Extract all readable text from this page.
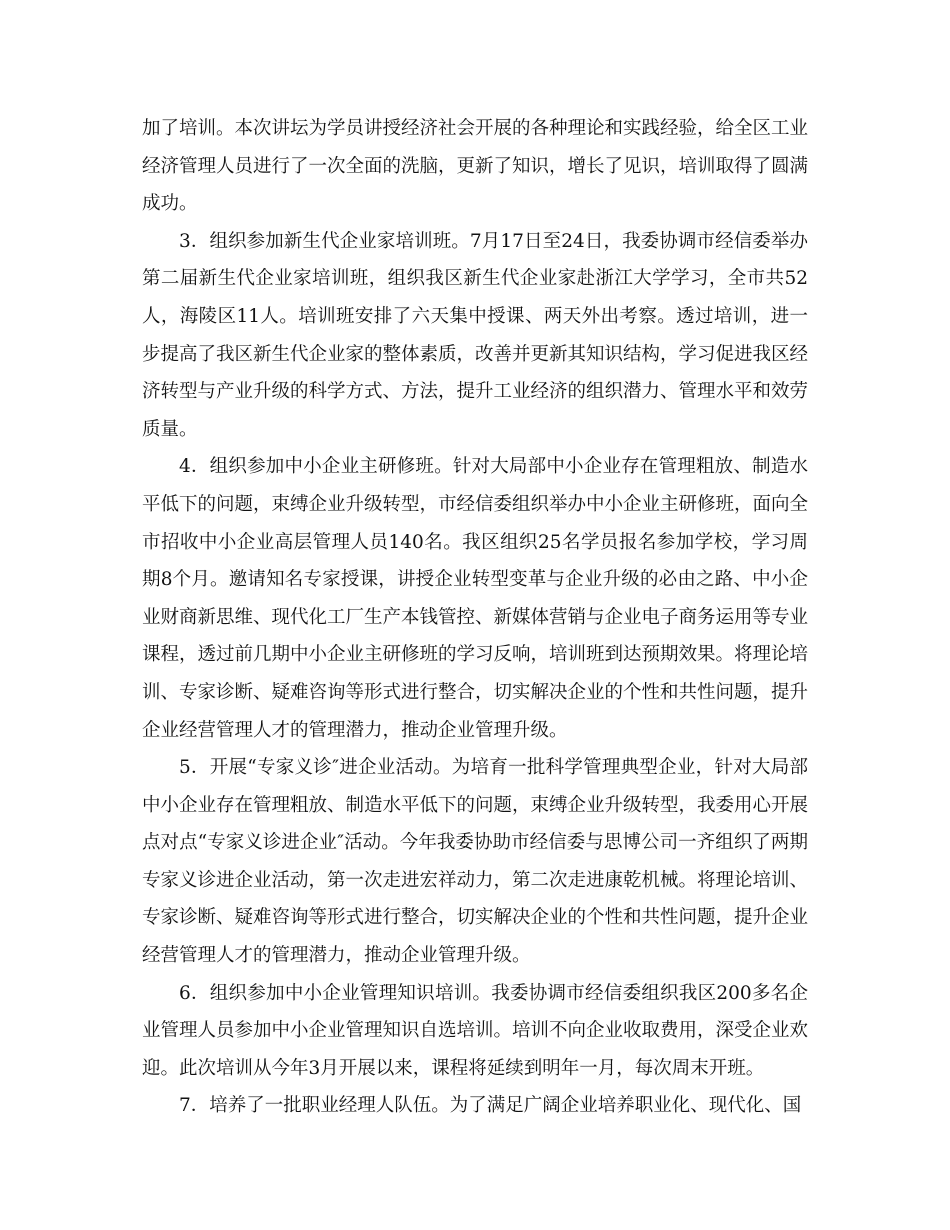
加了培训。本次讲坛为学员讲授经济社会开展的各种理论和实践经验，给全区工业经济管理人员进行了一次全面的洗脑，更新了知识，增长了见识，培训取得了圆满成功。

3．组织参加新生代企业家培训班。7月17日至24日，我委协调市经信委举办第二届新生代企业家培训班，组织我区新生代企业家赴浙江大学学习，全市共52人，海陵区11人。培训班安排了六天集中授课、两天外出考察。透过培训，进一步提高了我区新生代企业家的整体素质，改善并更新其知识结构，学习促进我区经济转型与产业升级的科学方式、方法，提升工业经济的组织潜力、管理水平和效劳质量。

4．组织参加中小企业主研修班。针对大局部中小企业存在管理粗放、制造水平低下的问题，束缚企业升级转型，市经信委组织举办中小企业主研修班，面向全市招收中小企业高层管理人员140名。我区组织25名学员报名参加学校，学习周期8个月。邀请知名专家授课，讲授企业转型变革与企业升级的必由之路、中小企业财商新思维、现代化工厂生产本钱管控、新媒体营销与企业电子商务运用等专业课程，透过前几期中小企业主研修班的学习反响，培训班到达预期效果。将理论培训、专家诊断、疑难咨询等形式进行整合，切实解决企业的个性和共性问题，提升企业经营管理人才的管理潜力，推动企业管理升级。

5．开展“专家义诊″进企业活动。为培育一批科学管理典型企业，针对大局部中小企业存在管理粗放、制造水平低下的问题，束缚企业升级转型，我委用心开展点对点“专家义诊进企业″活动。今年我委协助市经信委与思博公司一齐组织了两期专家义诊进企业活动，第一次走进宏祥动力，第二次走进康乾机械。将理论培训、专家诊断、疑难咨询等形式进行整合，切实解决企业的个性和共性问题，提升企业经营管理人才的管理潜力，推动企业管理升级。

6．组织参加中小企业管理知识培训。我委协调市经信委组织我区200多名企业管理人员参加中小企业管理知识自选培训。培训不向企业收取费用，深受企业欢迎。此次培训从今年3月开展以来，课程将延续到明年一月，每次周末开班。

7．培养了一批职业经理人队伍。为了满足广阔企业培养职业化、现代化、国
